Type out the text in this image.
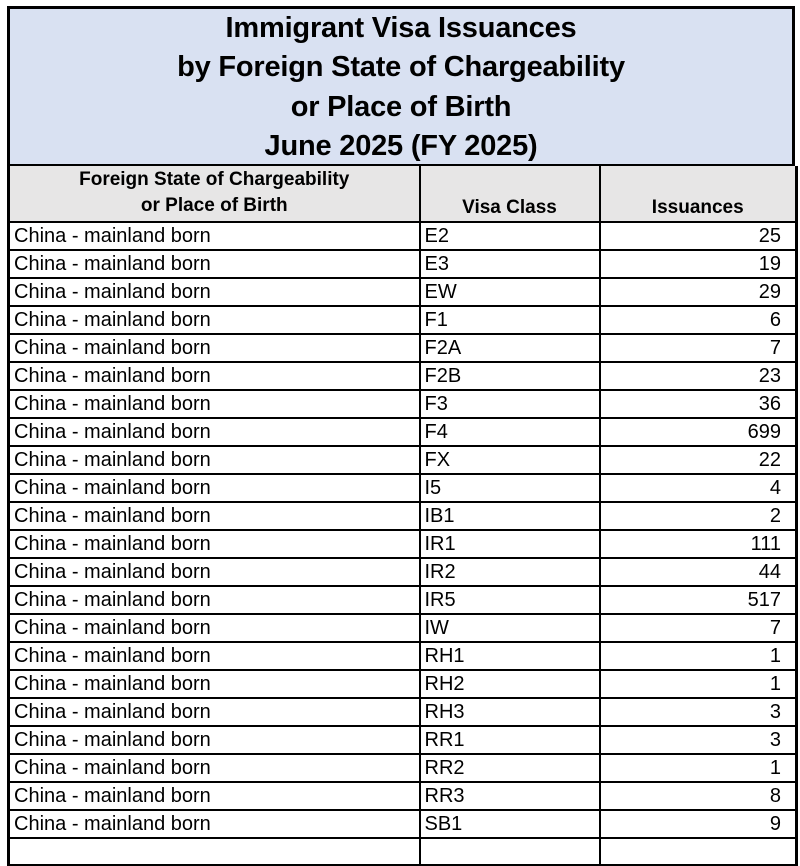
Immigrant Visa Issuances
by Foreign State of Chargeability
or Place of Birth
June 2025 (FY 2025)
Foreign State of Chargeability
or Place of Birth	Visa Class	Issuances
China - mainland born	E2	25
China - mainland born	E3	19
China - mainland born	EW	29
China - mainland born	F1	6
China - mainland born	F2A	7
China - mainland born	F2B	23
China - mainland born	F3	36
China - mainland born	F4	699
China - mainland born	FX	22
China - mainland born	I5	4
China - mainland born	IB1	2
China - mainland born	IR1	111
China - mainland born	IR2	44
China - mainland born	IR5	517
China - mainland born	IW	7
China - mainland born	RH1	1
China - mainland born	RH2	1
China - mainland born	RH3	3
China - mainland born	RR1	3
China - mainland born	RR2	1
China - mainland born	RR3	8
China - mainland born	SB1	9
